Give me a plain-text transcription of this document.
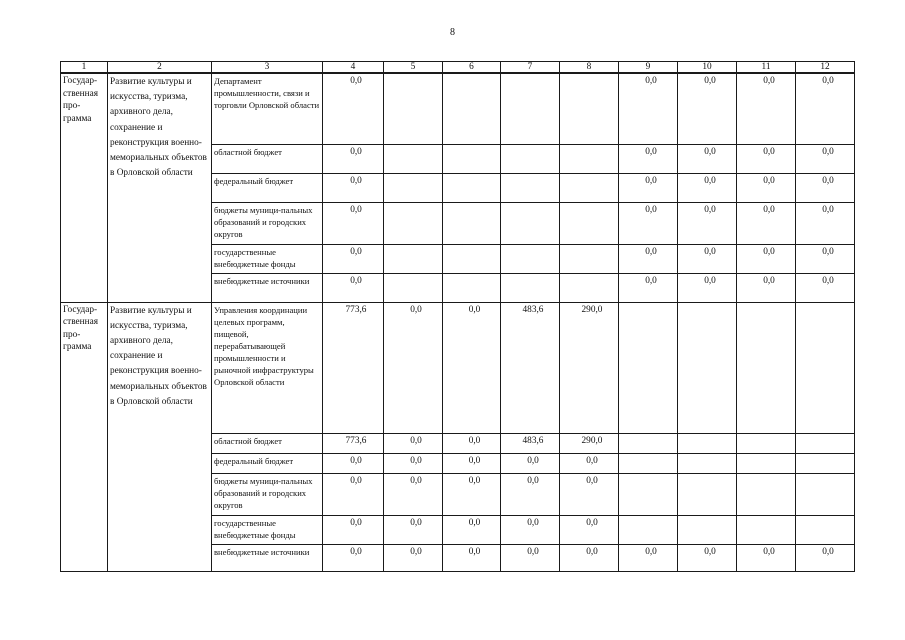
8
1	2	3	4	5	6	7	8	9	10	11	12
Государ-
ственная
про-
грамма	Развитие культуры и искусства, туризма, архивного дела, сохранение и реконструкция военно-мемориальных объектов в Орловской области	Департамент промышленности, связи и торговли Орловской области	0,0					0,0	0,0	0,0	0,0
		областной бюджет	0,0					0,0	0,0	0,0	0,0
		федеральный бюджет	0,0					0,0	0,0	0,0	0,0
		бюджеты муници-пальных образований и городских округов	0,0					0,0	0,0	0,0	0,0
		государственные внебюджетные фонды	0,0					0,0	0,0	0,0	0,0
		внебюджетные источники	0,0					0,0	0,0	0,0	0,0
Государ-
ственная
про-
грамма	Развитие культуры и искусства, туризма, архивного дела, сохранение и реконструкция военно-мемориальных объектов в Орловской области	Управления координации целевых программ, пищевой, перерабатывающей промышленности и рыночной инфраструктуры Орловской области	773,6	0,0	0,0	483,6	290,0				
		областной бюджет	773,6	0,0	0,0	483,6	290,0				
		федеральный бюджет	0,0	0,0	0,0	0,0	0,0				
		бюджеты муници-пальных образований и городских округов	0,0	0,0	0,0	0,0	0,0				
		государственные внебюджетные фонды	0,0	0,0	0,0	0,0	0,0				
		внебюджетные источники	0,0	0,0	0,0	0,0	0,0	0,0	0,0	0,0	0,0
